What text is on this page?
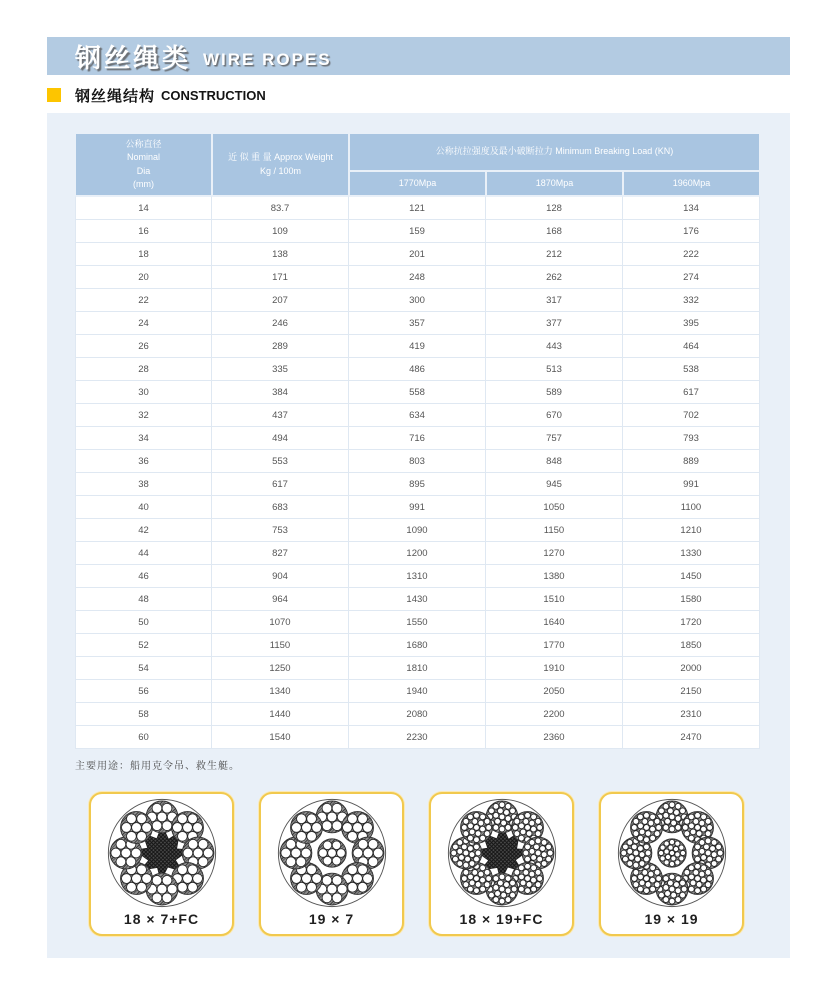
钢丝绳类 WIRE ROPES
钢丝绳结构 CONSTRUCTION
公称直径
Nominal
Dia
(mm)

近 似 重 量 Approx Weight
Kg / 100m
	公称抗拉强度及最小破断拉力 Minimum Breaking Load (KN)
		1770Mpa	1870Mpa	1960Mpa
14	83.7	121	128	134
16	109	159	168	176
18	138	201	212	222
20	171	248	262	274
22	207	300	317	332
24	246	357	377	395
26	289	419	443	464
28	335	486	513	538
30	384	558	589	617
32	437	634	670	702
34	494	716	757	793
36	553	803	848	889
38	617	895	945	991
40	683	991	1050	1100
42	753	1090	1150	1210
44	827	1200	1270	1330
46	904	1310	1380	1450
48	964	1430	1510	1580
50	1070	1550	1640	1720
52	1150	1680	1770	1850
54	1250	1810	1910	2000
56	1340	1940	2050	2150
58	1440	2080	2200	2310
60	1540	2230	2360	2470
主要用途：船用克令吊、救生艇。
18 × 7+FC	19 × 7	18 × 19+FC	19 × 19
